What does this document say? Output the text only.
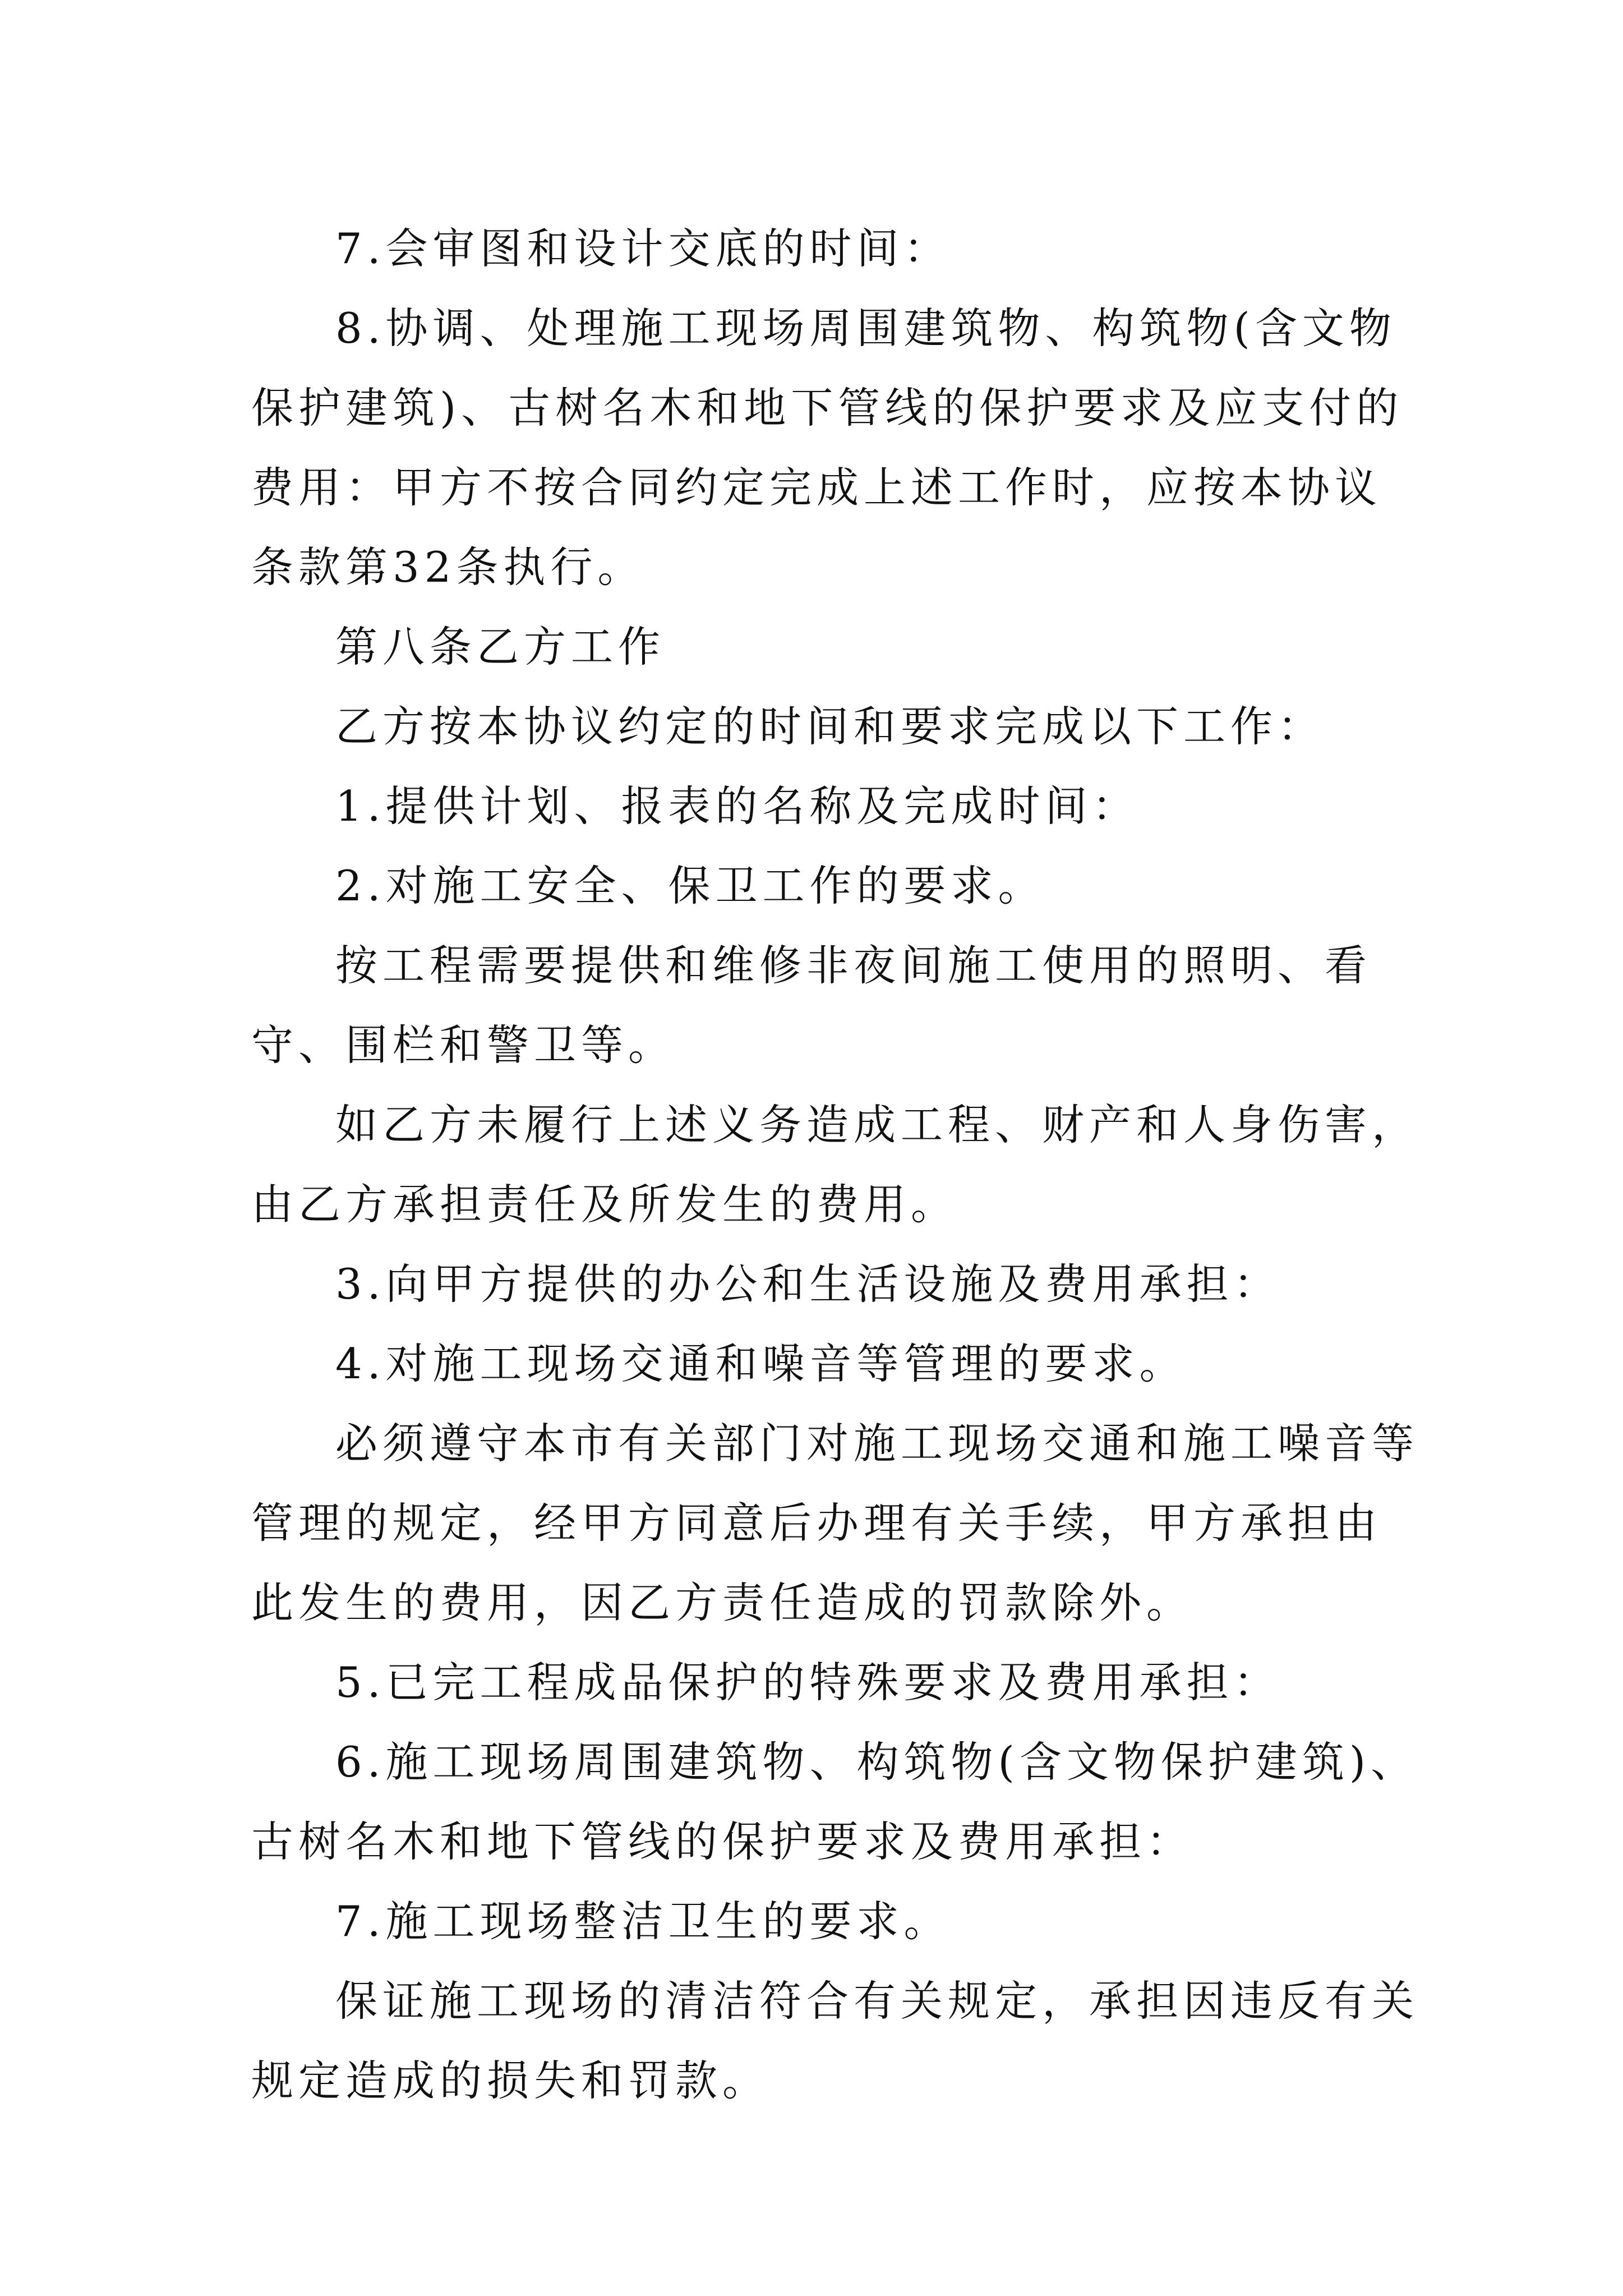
7.会审图和设计交底的时间：

8.协调、处理施工现场周围建筑物、构筑物(含文物保护建筑)、古树名木和地下管线的保护要求及应支付的费用：甲方不按合同约定完成上述工作时，应按本协议条款第32条执行。

第八条乙方工作

乙方按本协议约定的时间和要求完成以下工作：

1.提供计划、报表的名称及完成时间：

2.对施工安全、保卫工作的要求。

按工程需要提供和维修非夜间施工使用的照明、看守、围栏和警卫等。

如乙方未履行上述义务造成工程、财产和人身伤害，由乙方承担责任及所发生的费用。

3.向甲方提供的办公和生活设施及费用承担：

4.对施工现场交通和噪音等管理的要求。

必须遵守本市有关部门对施工现场交通和施工噪音等管理的规定，经甲方同意后办理有关手续，甲方承担由此发生的费用，因乙方责任造成的罚款除外。

5.已完工程成品保护的特殊要求及费用承担：

6.施工现场周围建筑物、构筑物(含文物保护建筑)、古树名木和地下管线的保护要求及费用承担：

7.施工现场整洁卫生的要求。

保证施工现场的清洁符合有关规定，承担因违反有关规定造成的损失和罚款。
